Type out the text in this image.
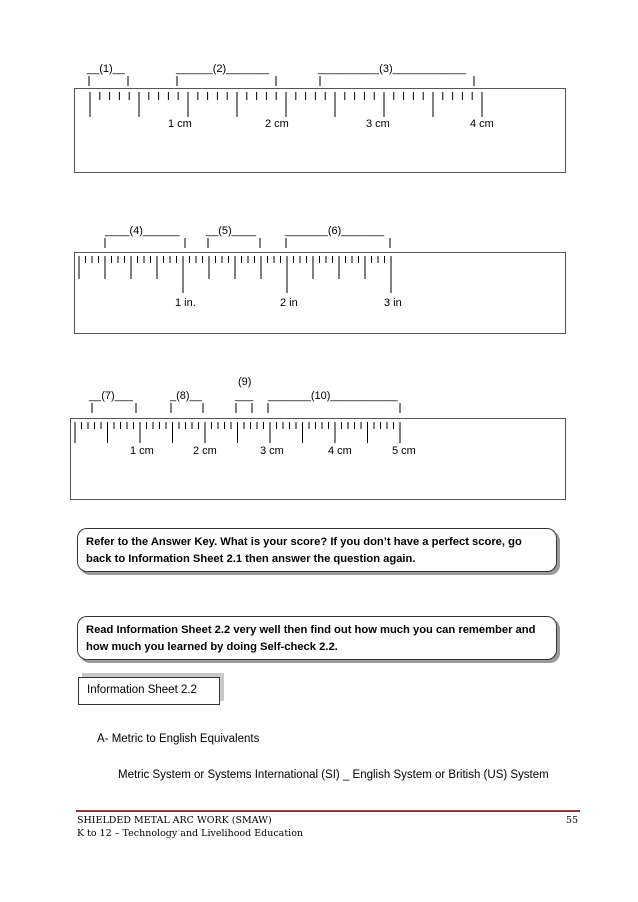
__(1)__	______(2)_______	__________(3)____________
1 cm	2 cm	3 cm	4 cm
____(4)______ __(5)____	_______(6)_______
1 in.	2 in	3 in
(9)
__(7)___	_(8)__	___ _______(10)___________
1 cm	2 cm	3 cm	4 cm	5 cm
Refer to the Answer Key. What is your score? If you don’t have a perfect score, go back to Information Sheet 2.1 then answer the question again.
Read Information Sheet 2.2 very well then find out how much you can remember and how much you learned by doing Self-check 2.2.
Information Sheet 2.2
A- Metric to English Equivalents
Metric System or Systems International (SI) _ English System or British (US) System
SHIELDED METAL ARC WORK (SMAW)
K to 12 – Technology and Livelihood Education
55
